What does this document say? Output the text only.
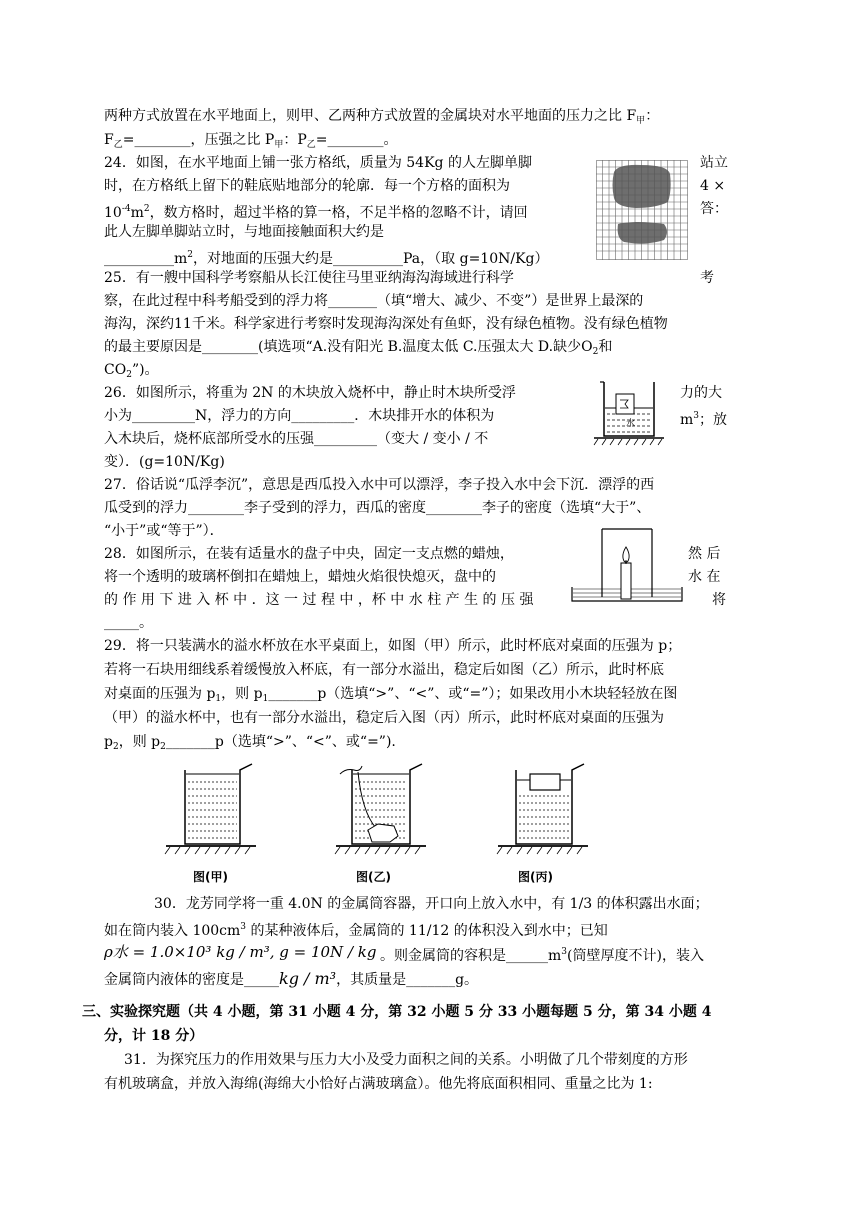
两种方式放置在水平地面上，则甲、乙两种方式放置的金属块对水平地面的压力之比 $F_甲$：
$F_乙=\_\_\_\_\_\_\_\_$，压强之比 $P_甲$：$P_乙=\_\_\_\_\_\_\_\_$。
24．如图，在水平地面上铺一张方格纸，质量为 54Kg 的人左脚单脚	站立
时，在方格纸上留下的鞋底贴地部分的轮廓．每一个方格的面积为	4 ×
$10^{-4}m^2$，数方格时，超过半格的算一格，不足半格的忽略不计，请回	答：
此人左脚单脚站立时，与地面接触面积大约是
$\_\_\_\_\_\_\_\_\_\_m^2$，对地面的压强大约是__________Pa，（取 g=10N/Kg）
25．有一艘中国科学考察船从长江使往马里亚纳海沟海域进行科学	考
察，在此过程中科考船受到的浮力将_______（填“增大、减少、不变”）是世界上最深的
海沟，深约11千米。科学家进行考察时发现海沟深处有鱼虾，没有绿色植物。没有绿色植物
的最主要原因是________(填选项“A.没有阳光 B.温度太低 C.压强太大 D.缺少$O_2$和
$CO_2$”)。
26．如图所示，将重为 2N 的木块放入烧杯中，静止时木块所受浮	力的大
小为_________N，浮力的方向_________．木块排开水的体积为	$m^3$；放
入木块后，烧杯底部所受水的压强_________（变大 / 变小 / 不
变）．(g=10N/Kg)
水
27．俗话说“瓜浮李沉”，意思是西瓜投入水中可以漂浮，李子投入水中会下沉．漂浮的西
瓜受到的浮力________李子受到的浮力，西瓜的密度________李子的密度（选填“大于”、
“小于”或“等于”）．
28．如图所示，在装有适量水的盘子中央，固定一支点燃的蜡烛，	然 后
将一个透明的玻璃杯倒扣在蜡烛上，蜡烛火焰很快熄灭，盘中的	水 在
的 作 用 下 进 入 杯 中 ．这 一 过 程 中 ，杯 中 水 柱 产 生 的 压 强	将
_____。
29．将一只装满水的溢水杯放在水平桌面上，如图（甲）所示，此时杯底对桌面的压强为 p；
若将一石块用细线系着缓慢放入杯底，有一部分水溢出，稳定后如图（乙）所示，此时杯底
对桌面的压强为 $p_1$，则 $p_1\_\_\_\_\_\_\_p$（选填“>”、“<”、或“=”）；如果改用小木块轻轻放在图
（甲）的溢水杯中，也有一部分水溢出，稳定后入图（丙）所示，此时杯底对桌面的压强为
$p_2$，则 $p_2\_\_\_\_\_\_\_p$（选填“>”、“<”、或“=”).
图(甲)	图(乙)	图(丙)
30．龙芳同学将一重 4.0N 的金属筒容器，开口向上放入水中，有 1/3 的体积露出水面；
如在筒内装入 $100cm^3$ 的某种液体后，金属筒的 11/12 的体积没入到水中；已知
ρ水 = 1.0×10³ kg / m³, g = 10N / kg 。则金属筒的容积是$\_\_\_\_\_\_m^3$(筒壁厚度不计)，装入
金属筒内液体的密度是_____kg / m³，其质量是_______g。
三、实验探究题（共 4 小题，第 31 小题 4 分，第 32 小题 5 分 33 小题每题 5 分，第 34 小题 4
分，计 18 分）
31．为探究压力的作用效果与压力大小及受力面积之间的关系。小明做了几个带刻度的方形
有机玻璃盒，并放入海绵(海绵大小恰好占满玻璃盒）。他先将底面积相同、重量之比为 1:
